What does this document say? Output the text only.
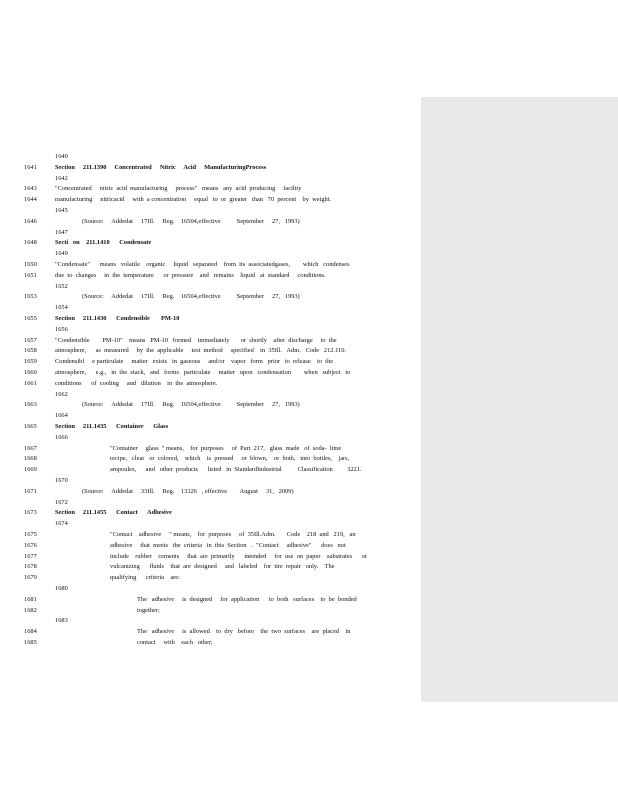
1640
1641	Section     211.1390     Concentrated     Nitric     Acid     ManufacturingProcess
1642
1643	"Concentrated     nitric  acid  manufacturing     process"   means   any  acid  producing     facility
1644	manufacturing     nitricacid     with  a concentration     equal   to  or  greater   than   70  percent    by  weight.
1645
1646	(Source:     Addedat     17Ill.     Reg.    16504,effective          September     27,   1993)
1647
1648	Secti   on    211.1410      Condensate
1649
1650	"Condensate"      means   volatile    organic     liquid   separated    from  its  associatedgases,        which   condenses
1651	due  to  changes     in  the  temperature      or  pressure    and   remains    liquid   at  standard     conditions.
1652
1653	(Source:     Addedat     17Ill.     Reg.    16504,effective          September     27,   1993)
1654
1655	Section     211.1430      Condensible       PM-10
1656
1657	"Condensible        PM-10"    means   PM-10   formed    immediately       or  shortly    after  discharge     to  the
1658	atmosphere,      as  measured     by  the  applicable     test  method     specified    in  35Ill.   Adm.   Code   212.110.
1659	Condensibl     e particulate     matter   exists   in  gaseous     and/or    vapor   form   prior   to  release    to  the
1660	atmosphere,      e.g.,   in  the  stack,   and   forms   particulate     matter   upon   condensation        when   subject   to
1661	conditions      of  cooling     and   dilution    in  the  atmosphere.
1662
1663	(Source:     Addedat     17Ill.     Reg.    16504,effective          September     27,   1993)
1664
1665	Section     211.1435      Container      Glass
1666
1667	"Container     glass  " means,    for  purposes     of  Part  217,   glass  made   of  soda-  lime
1668	recipe,   clear   or  colored,    which    is  pressed     or  blown,    or  both,   into  bottles,    jars,
1669	ampoules,      and   other  products      listed   in  StandardIndustrial          Classification         3221.
1670
1671	(Source:     Addedat     33Ill.     Reg.    13326   , effective        August     31,   2009)
1672
1673	Section     211.1455      Contact      Adhesive
1674
1675	"Contact    adhesive     " means,    for  purposes     of  35Ill.Adm.       Code    218  and   219,   an
1676	adhesive     that  meets   the  criteria   in  this  Section   .  "Contact     adhesive"      does   not
1677	include    rubber    cements     that  are  primarily      intended     for  use  on  paper    substrates      or
1678	vulcanizing      fluids    that  are  designed     and   labeled    for  tire  repair   only.    The
1679	qualifying      criteria    are:
1680
1681	The   adhesive     is  designed     for  application      to  both   surfaces    to  be  bonded
1682	together;
1683
1684	The   adhesive     is  allowed    to  dry   before    the  two  surfaces    are  placed    in
1685	contact     with    each   other;
